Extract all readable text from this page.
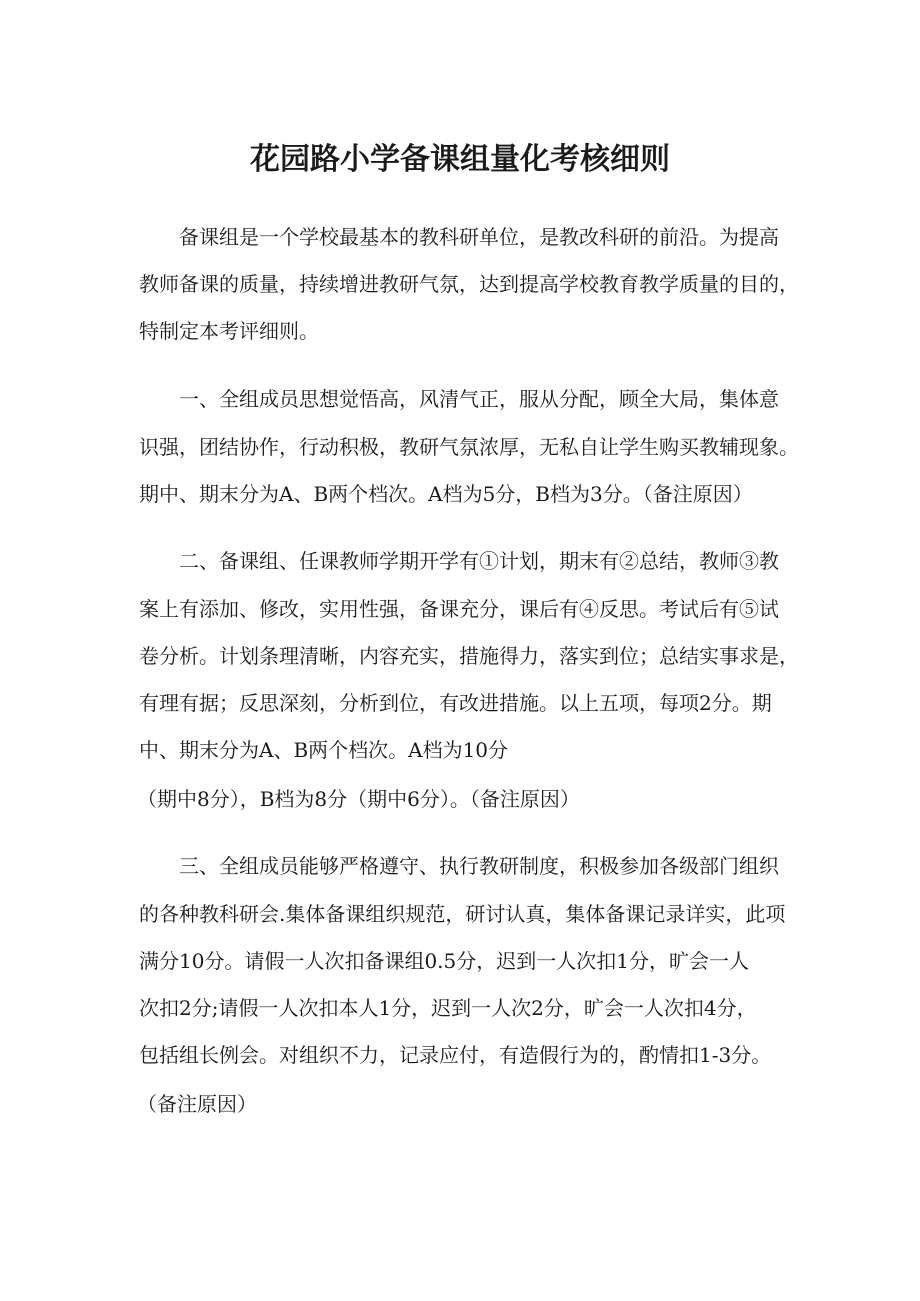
花园路小学备课组量化考核细则
备课组是一个学校最基本的教科研单位，是教改科研的前沿。为提高
教师备课的质量，持续增进教研气氛，达到提高学校教育教学质量的目的，
特制定本考评细则。
一、全组成员思想觉悟高，风清气正，服从分配，顾全大局，集体意
识强，团结协作，行动积极，教研气氛浓厚，无私自让学生购买教辅现象。
期中、期末分为A、B两个档次。A档为5分，B档为3分。（备注原因）
二、备课组、任课教师学期开学有①计划，期末有②总结，教师③教
案上有添加、修改，实用性强，备课充分，课后有④反思。考试后有⑤试
卷分析。计划条理清晰，内容充实，措施得力，落实到位；总结实事求是，
有理有据；反思深刻，分析到位，有改进措施。以上五项，每项2分。期
中、期末分为A、B两个档次。A档为10分
（期中8分），B档为8分（期中6分）。（备注原因）
三、全组成员能够严格遵守、执行教研制度，积极参加各级部门组织
的各种教科研会.集体备课组织规范，研讨认真，集体备课记录详实，此项
满分10分。请假一人次扣备课组0.5分，迟到一人次扣1分，旷会一人
次扣2分;请假一人次扣本人1分，迟到一人次2分，旷会一人次扣4分，
包括组长例会。对组织不力，记录应付，有造假行为的，酌情扣1-3分。
（备注原因）
